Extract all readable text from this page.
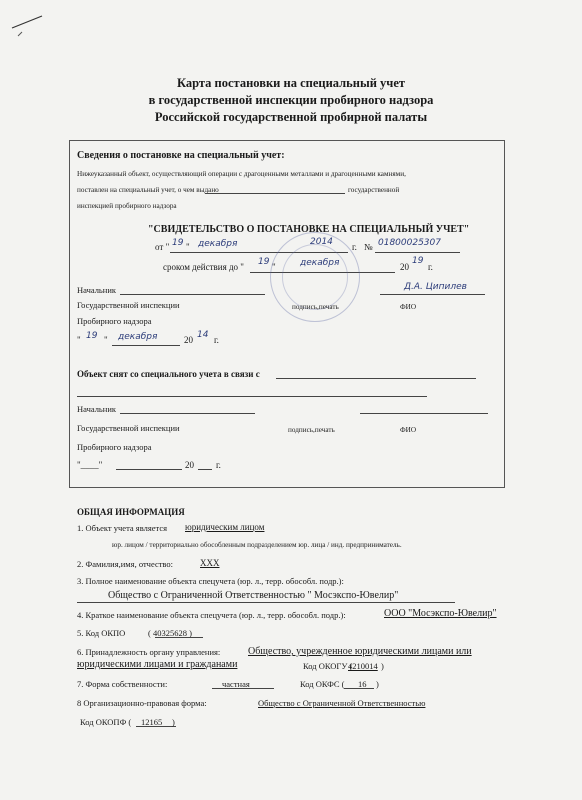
Карта постановки на специальный учет
в государственной инспекции пробирного надзора
Российской государственной пробирной палаты
Сведения о постановке на специальный учет:
Нижеуказанный объект, осуществляющий операции с драгоценными металлами и драгоценными камнями,
поставлен на специальный учет, о чем выдано	государственной
инспекцией пробирного надзора
"СВИДЕТЕЛЬСТВО О ПОСТАНОВКЕ НА СПЕЦИАЛЬНЫЙ УЧЕТ"
от " 19 " декабря	2014 г. № 01800025307
сроком действия до " 19 "	декабря	20
19
г.
Начальник	Д.А. Ципилев
Государственной инспекции	подпись,печать	ФИО
Пробирного надзора
" 19 " декабря	20 14 г.
Объект снят со специального учета в связи с
Начальник
Государственной инспекции	подпись,печать	ФИО
Пробирного надзора
"____"	20 г.
ОБЩАЯ ИНФОРМАЦИЯ
1. Объект учета является юридическим лицом
юр. лицом / территориально обособленным подразделением юр. лица / инд. предприниматель.
2. Фамилия,имя, отчество:	XXX
3. Полное наименование объекта спецучета (юр. л., терр. обособл. подр.):
Общество с Ограниченной Ответственностью " Мосэкспо-Ювелир"
4. Краткое наименование объекта спецучета (юр. л., терр. обособл. подр.):	ООО "Мосэкспо-Ювелир"
5. Код ОКПО	( 40325628 )
6. Принадлежность органу управления:	Общество, учрежденное юридическими лицами или
юридическими лицами и гражданами	Код ОКОГУ (
4210014 )
7. Форма собственности:	частная	Код ОКФС ( 16 )
8 Организационно-правовая форма:	Общество с Ограниченной Ответственностью
Код ОКОПФ ( 12165 )
